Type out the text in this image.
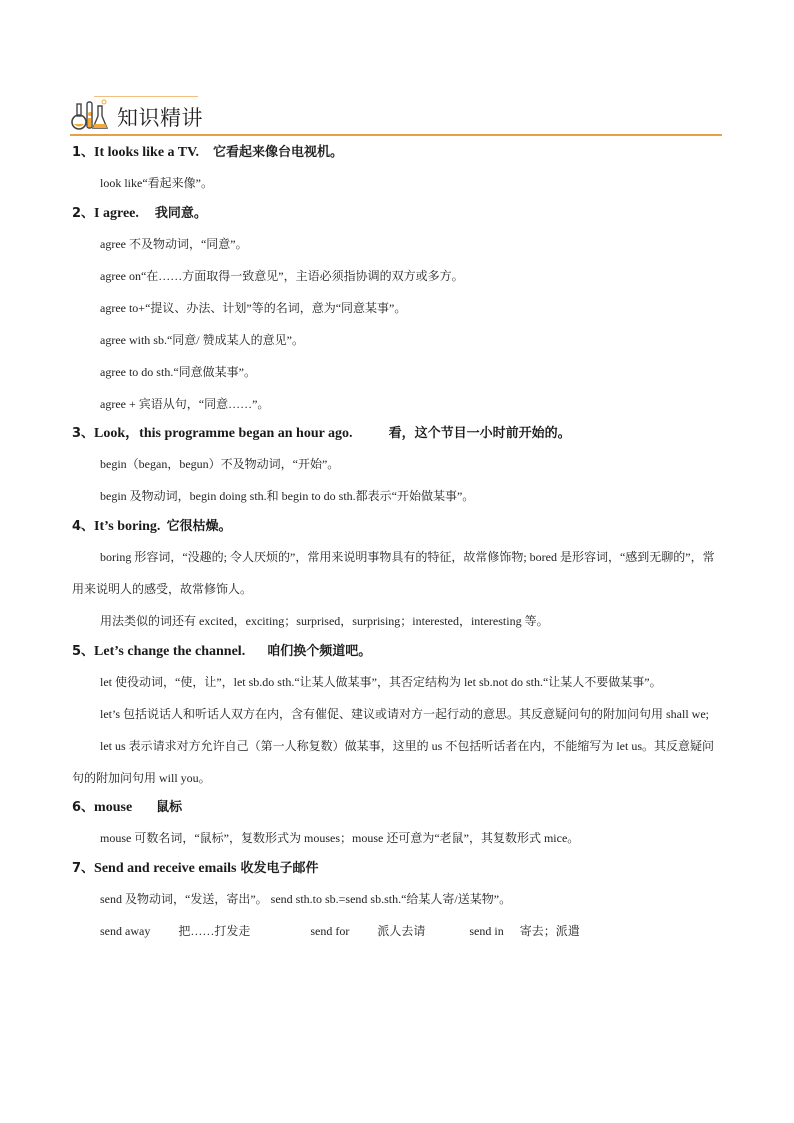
知识精讲

1、It looks like a TV. 它看起来像台电视机。

look like“看起来像”。

2、I agree. 我同意。

agree 不及物动词，“同意”。

agree on“在……方面取得一致意见”，主语必须指协调的双方或多方。

agree to+“提议、办法、计划”等的名词，意为“同意某事”。

agree with sb.“同意/ 赞成某人的意见”。

agree to do sth.“同意做某事”。

agree + 宾语从句，“同意……”。

3、Look，this programme began an hour ago.	看，这个节目一小时前开始的。

begin（began，begun）不及物动词，“开始”。

begin 及物动词，begin doing sth.和 begin to do sth.都表示“开始做某事”。

4、It’s boring. 它很枯燥。

boring 形容词，“没趣的; 令人厌烦的”，常用来说明事物具有的特征，故常修饰物; bored 是形容词，“感到无聊的”，常用来说明人的感受，故常修饰人。

用法类似的词还有 excited，exciting；surprised，surprising；interested，interesting 等。

5、Let’s change the channel. 咱们换个频道吧。

let 使役动词，“使，让”，let sb.do sth.“让某人做某事”，其否定结构为 let sb.not do sth.“让某人不要做某事”。

let’s 包括说话人和听话人双方在内，含有催促、建议或请对方一起行动的意思。其反意疑问句的附加问句用 shall we;

let us 表示请求对方允许自己（第一人称复数）做某事，这里的 us 不包括听话者在内，不能缩写为 let us。其反意疑问句的附加问句用 will you。

6、mouse 鼠标

mouse 可数名词，“鼠标”，复数形式为 mouses；mouse 还可意为“老鼠”，其复数形式 mice。

7、Send and receive emails 收发电子邮件

send 及物动词，“发送，寄出”。 send sth.to sb.=send sb.sth.“给某人寄/送某物”。

send away 把……打发走	send for 派人去请	send in 寄去；派遣
